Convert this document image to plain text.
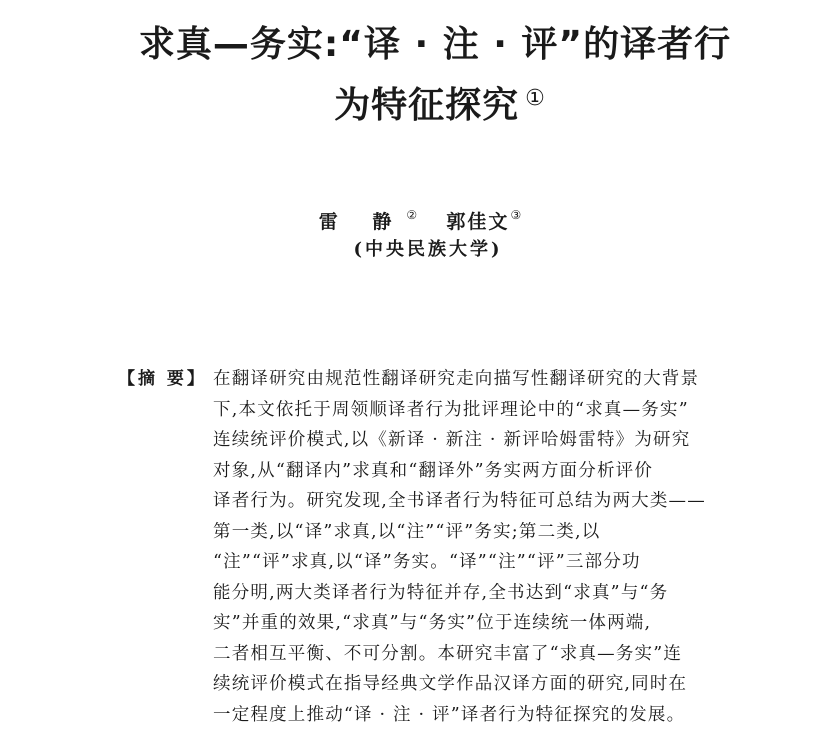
求真—务实:“译 · 注 · 评”的译者行

为特征探究 ①

雷 静② 郭佳文③
(中央民族大学)
【摘 要】 在翻译研究由规范性翻译研究走向描写性翻译研究的大背景
下,本文依托于周领顺译者行为批评理论中的“求真—务实”
连续统评价模式,以《新译 · 新注 · 新评哈姆雷特》为研究
对象,从“翻译内”求真和“翻译外”务实两方面分析评价
译者行为。研究发现,全书译者行为特征可总结为两大类——
第一类,以“译”求真,以“注”“评”务实;第二类,以
“注”“评”求真,以“译”务实。“译”“注”“评”三部分功
能分明,两大类译者行为特征并存,全书达到“求真”与“务
实”并重的效果,“求真”与“务实”位于连续统一体两端,
二者相互平衡、不可分割。本研究丰富了“求真—务实”连
续统评价模式在指导经典文学作品汉译方面的研究,同时在
一定程度上推动“译 · 注 · 评”译者行为特征探究的发展。
